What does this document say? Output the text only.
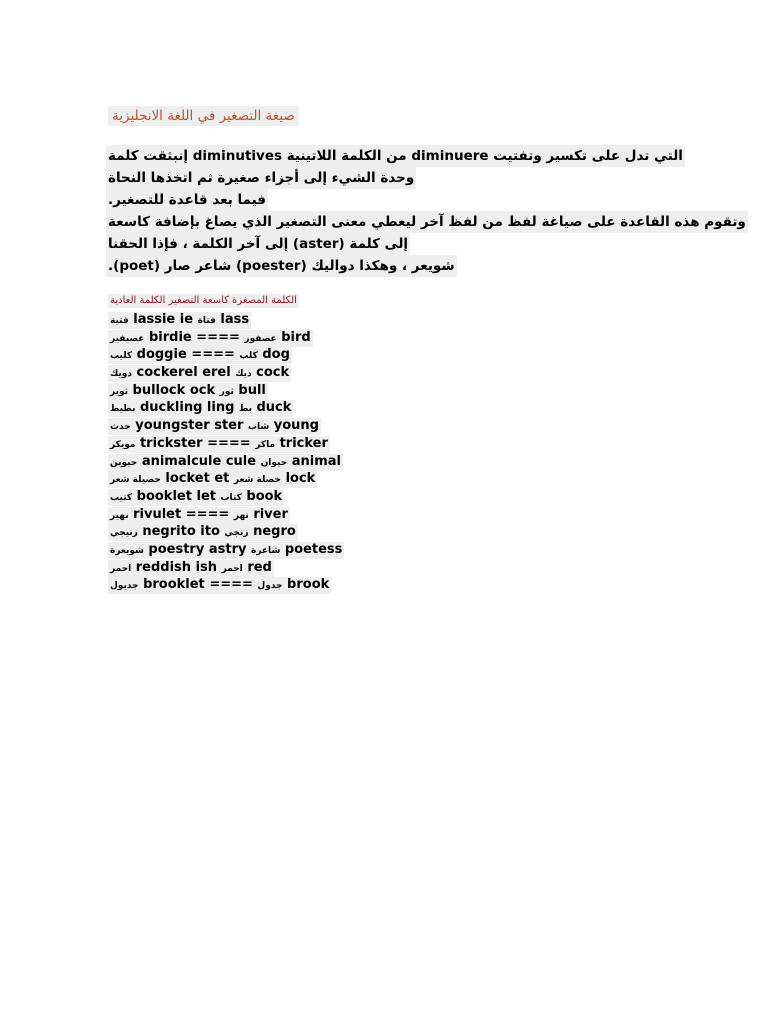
صيغة التصغير في اللغة الانجليزية
التي تدل على تكسير وتفتيت diminuere من الكلمة اللاتينية diminutives إنبثقت كلمة
وحدة الشيء إلى أجزاء صغيرة ثم اتخذها النحاة
فيما بعد قاعدة للتصغير.
وتقوم هذه القاعدة على صياغة لفظ من لفظ آخر ليعطي معنى التصغير الذي يصاغ بإضافة كاسعة
إلى كلمة (aster) إلى آخر الكلمة ، فإذا الحقنا
شويعر ، وهكذا دواليك (poester) شاعر صار (poet).
الكلمة المصغرة كاسعة التصغير الكلمة العادية
فتية lassie ie فتاة lass
عصيفير birdie ==== عصفور bird
كليب doggie ==== كلب dog
دويك cockerel erel ديك cock
ثوير bullock ock ثور bull
بطيط duckling ling بط duck
حدث youngster ster شاب young
مويكر trickster ==== ماكر tricker
حيوين animalcule cule حيوان animal
حصيلة شعر locket et خصلة شعر lock
كتيب booklet let كتاب book
نهير rivulet ==== نهر river
زنيجي negrito ito زنجي negro
شويعرة poestry astry شاعرة poetess
احمر reddish ish احمر red
جديول brooklet ==== جدول brook
